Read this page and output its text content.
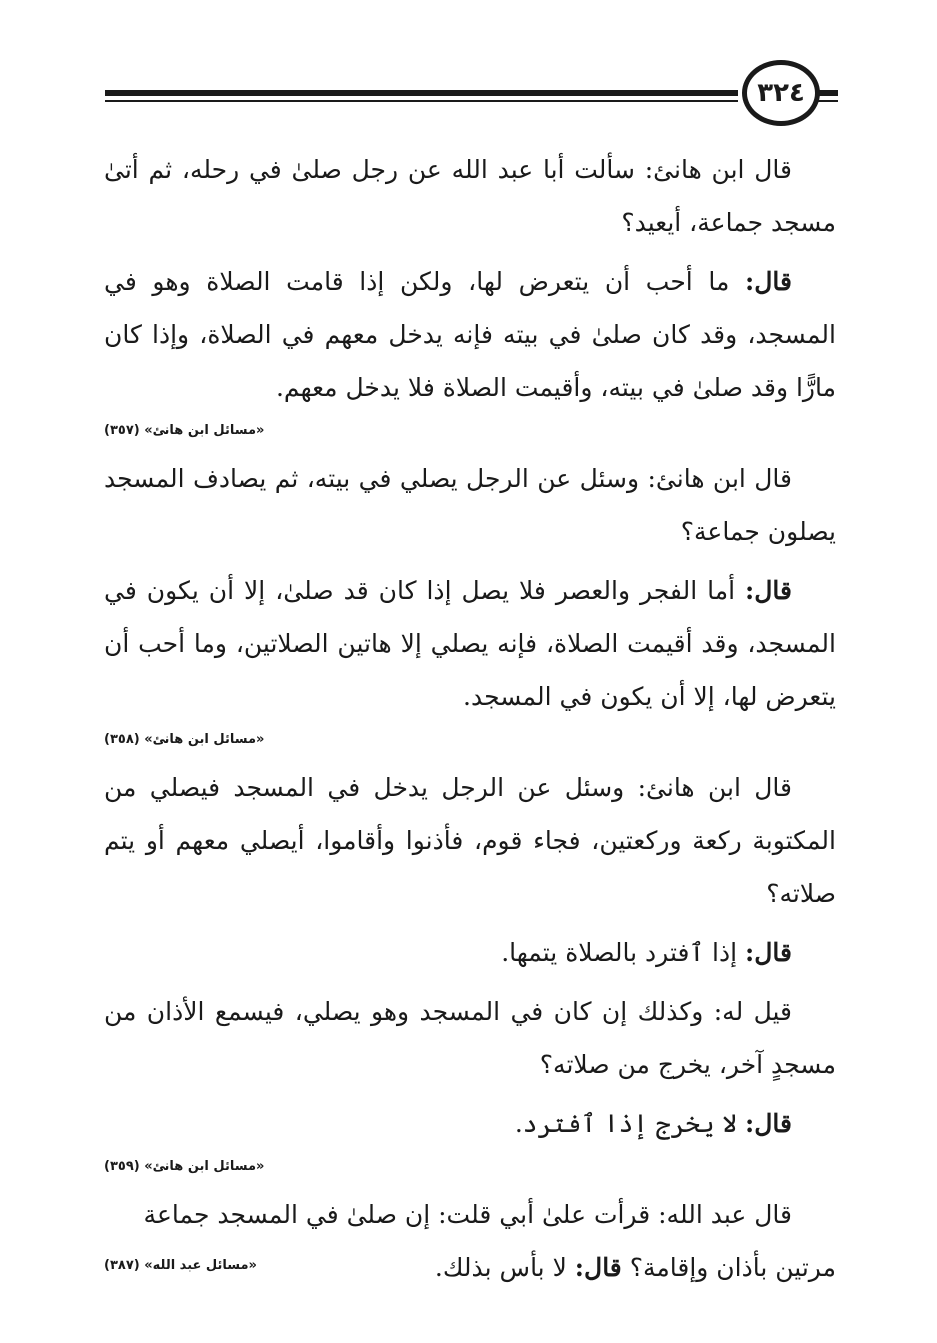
٣٢٤

قال ابن هانئ: سألت أبا عبد الله عن رجل صلىٰ في رحله، ثم أتىٰ مسجد جماعة، أيعيد؟

قال: ما أحب أن يتعرض لها، ولكن إذا قامت الصلاة وهو في المسجد، وقد كان صلىٰ في بيته فإنه يدخل معهم في الصلاة، وإذا كان مارًّا وقد صلىٰ في بيته، وأقيمت الصلاة فلا يدخل معهم.

«مسائل ابن هانئ» (٣٥٧)

قال ابن هانئ: وسئل عن الرجل يصلي في بيته، ثم يصادف المسجد يصلون جماعة؟

قال: أما الفجر والعصر فلا يصل إذا كان قد صلىٰ، إلا أن يكون في المسجد، وقد أقيمت الصلاة، فإنه يصلي إلا هاتين الصلاتين، وما أحب أن يتعرض لها، إلا أن يكون في المسجد.

«مسائل ابن هانئ» (٣٥٨)

قال ابن هانئ: وسئل عن الرجل يدخل في المسجد فيصلي من المكتوبة ركعة وركعتين، فجاء قوم، فأذنوا وأقاموا، أيصلي معهم أو يتم صلاته؟

قال: إذا ٱفترد بالصلاة يتمها.

قيل له: وكذلك إن كان في المسجد وهو يصلي، فيسمع الأذان من مسجدٍ آخر، يخرج من صلاته؟

قال: لا يخرج إذا ٱفترد.

«مسائل ابن هانئ» (٣٥٩)

قال عبد الله: قرأت علىٰ أبي قلت: إن صلىٰ في المسجد جماعة

مرتين بأذان وإقامة؟ قال: لا بأس بذلك.
«مسائل عبد الله» (٣٨٧)
